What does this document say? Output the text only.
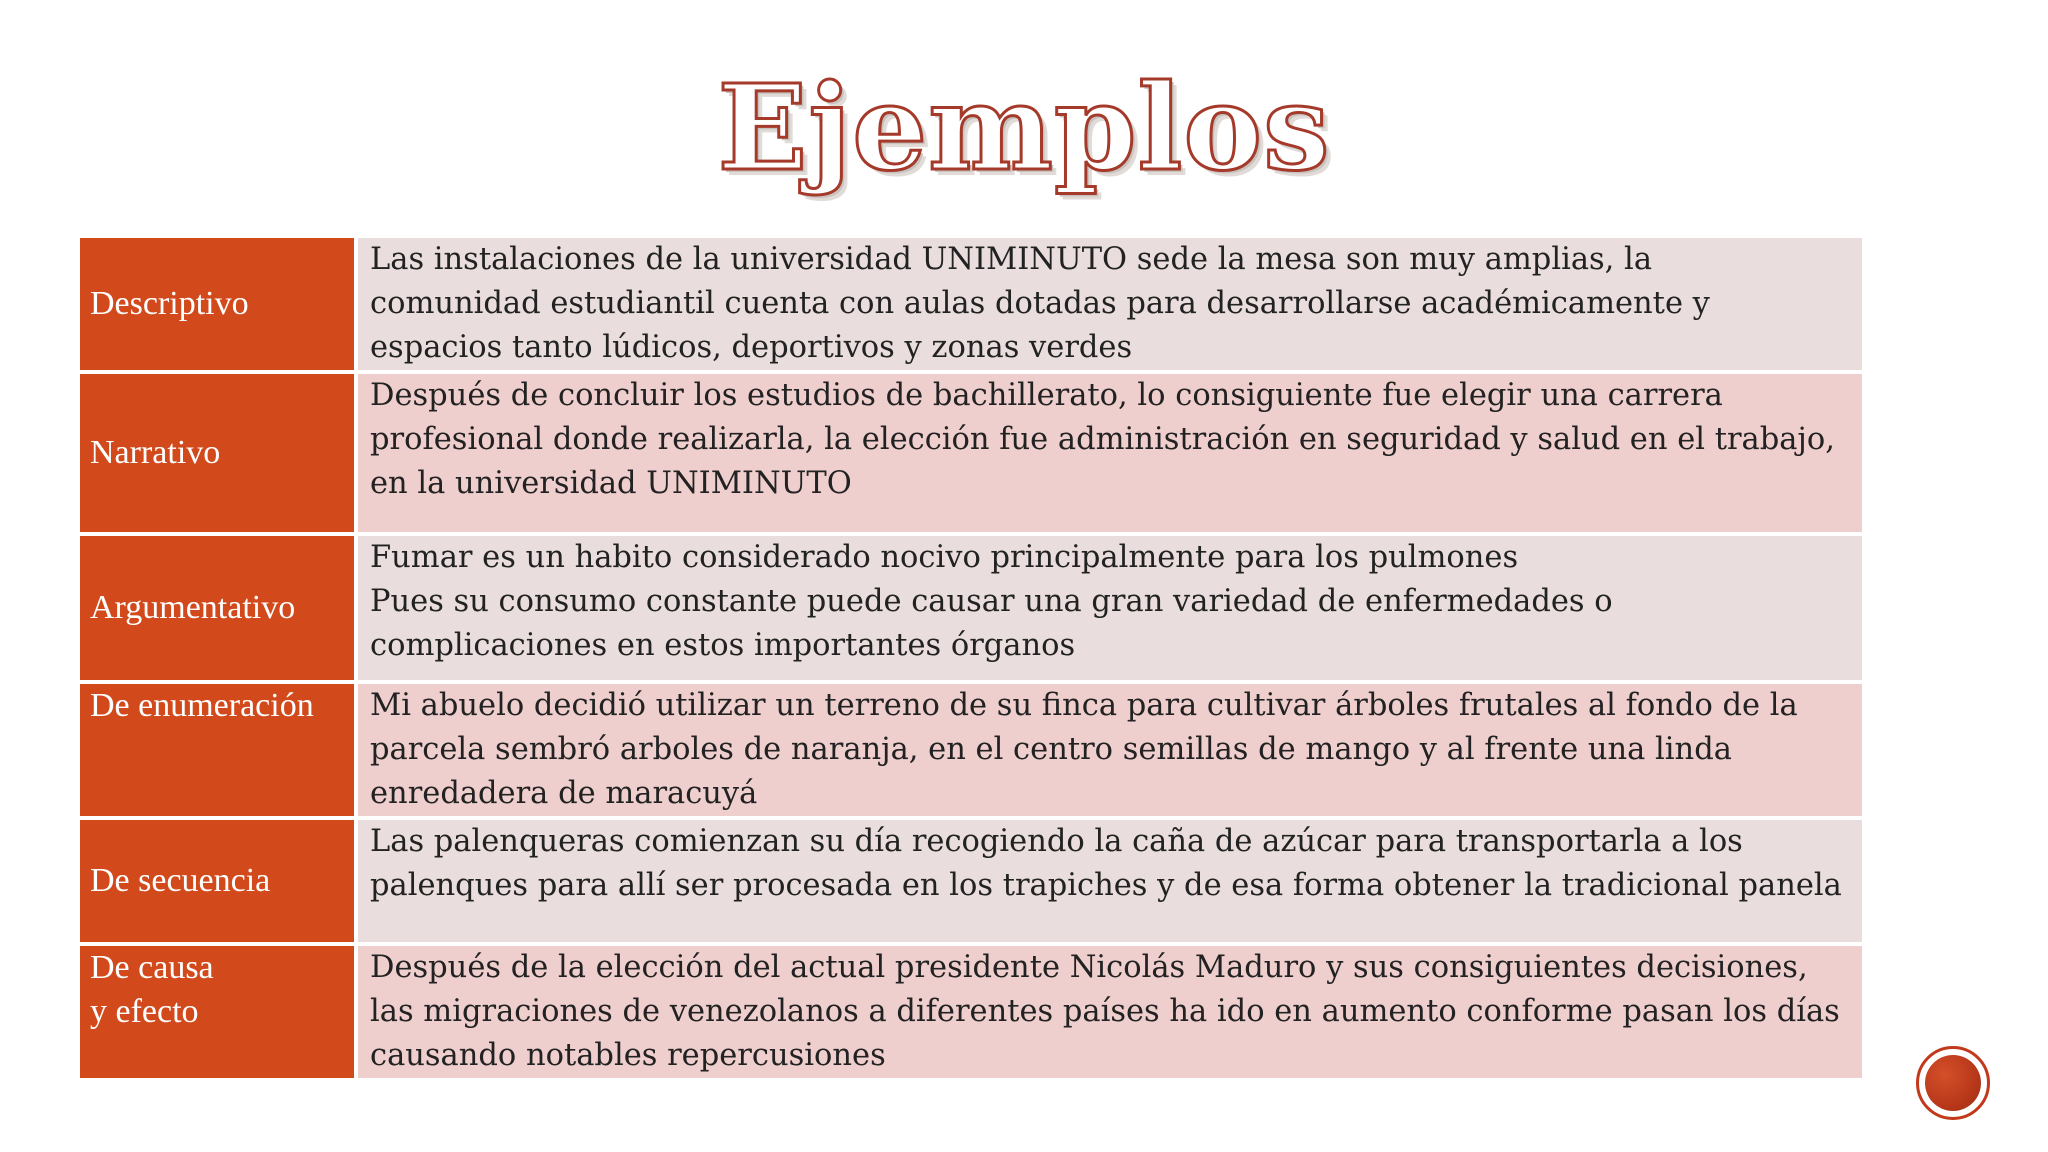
Ejemplos
Descriptivo	Las instalaciones de la universidad UNIMINUTO sede la mesa son muy amplias, la
comunidad estudiantil cuenta con aulas dotadas para desarrollarse académicamente y
espacios tanto lúdicos, deportivos y zonas verdes

Narrativo	Después de concluir los estudios de bachillerato, lo consiguiente fue elegir una carrera
profesional donde realizarla, la elección fue administración en seguridad y salud en el trabajo,
en la universidad UNIMINUTO

Argumentativo	Fumar es un habito considerado nocivo principalmente para los pulmones
Pues su consumo constante puede causar una gran variedad de enfermedades o
complicaciones en estos importantes órganos

De enumeración	Mi abuelo decidió utilizar un terreno de su finca para cultivar árboles frutales al fondo de la
parcela sembró arboles de naranja, en el centro semillas de mango y al frente una linda
enredadera de maracuyá

De secuencia	Las palenqueras comienzan su día recogiendo la caña de azúcar para transportarla a los
palenques para allí ser procesada en los trapiches y de esa forma obtener la tradicional panela

De causa
y efecto	Después de la elección del actual presidente Nicolás Maduro y sus consiguientes decisiones,
las migraciones de venezolanos a diferentes países ha ido en aumento conforme pasan los días
causando notables repercusiones
